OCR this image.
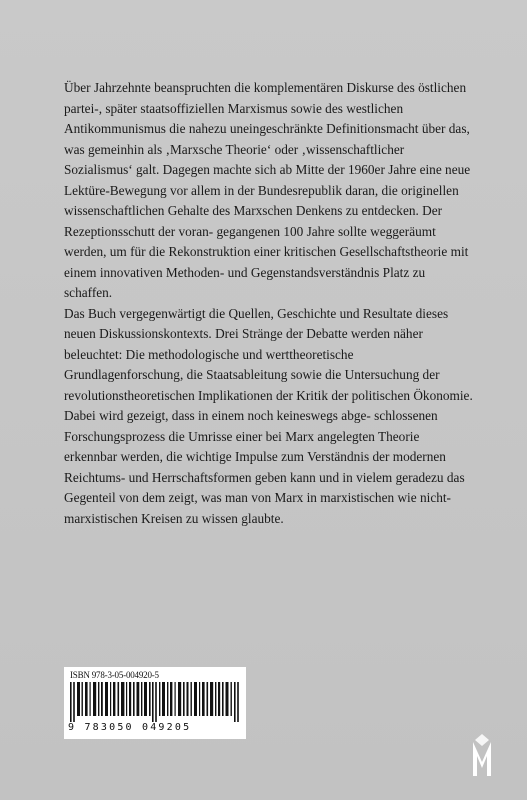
Über Jahrzehnte beanspruchten die komplementären Diskurse des östlichen partei-, später staatsoffiziellen Marxismus sowie des westlichen Antikommunismus die nahezu uneingeschränkte Definitionsmacht über das, was gemeinhin als ‚Marxsche Theorie‘ oder ‚wissenschaftlicher Sozialismus‘ galt. Dagegen machte sich ab Mitte der 1960er Jahre eine neue Lektüre-Bewegung vor allem in der Bundesrepublik daran, die originellen wissenschaftlichen Gehalte des Marxschen Denkens zu entdecken. Der Rezeptionsschutt der voran- gegangenen 100 Jahre sollte weggeräumt werden, um für die Rekonstruktion einer kritischen Gesellschaftstheorie mit einem innovativen Methoden- und Gegenstandsverständnis Platz zu schaffen.

Das Buch vergegenwärtigt die Quellen, Geschichte und Resultate dieses neuen Diskussionskontexts. Drei Stränge der Debatte werden näher beleuchtet: Die methodologische und werttheoretische Grundlagenforschung, die Staatsableitung sowie die Untersuchung der revolutionstheoretischen Implikationen der Kritik der politischen Ökonomie. Dabei wird gezeigt, dass in einem noch keineswegs abge- schlossenen Forschungsprozess die Umrisse einer bei Marx angelegten Theorie erkennbar werden, die wichtige Impulse zum Verständnis der modernen Reichtums- und Herrschaftsformen geben kann und in vielem geradezu das Gegenteil von dem zeigt, was man von Marx in marxistischen wie nicht-marxistischen Kreisen zu wissen glaubte.

ISBN 978-3-05-004920-5
9 783050 049205
